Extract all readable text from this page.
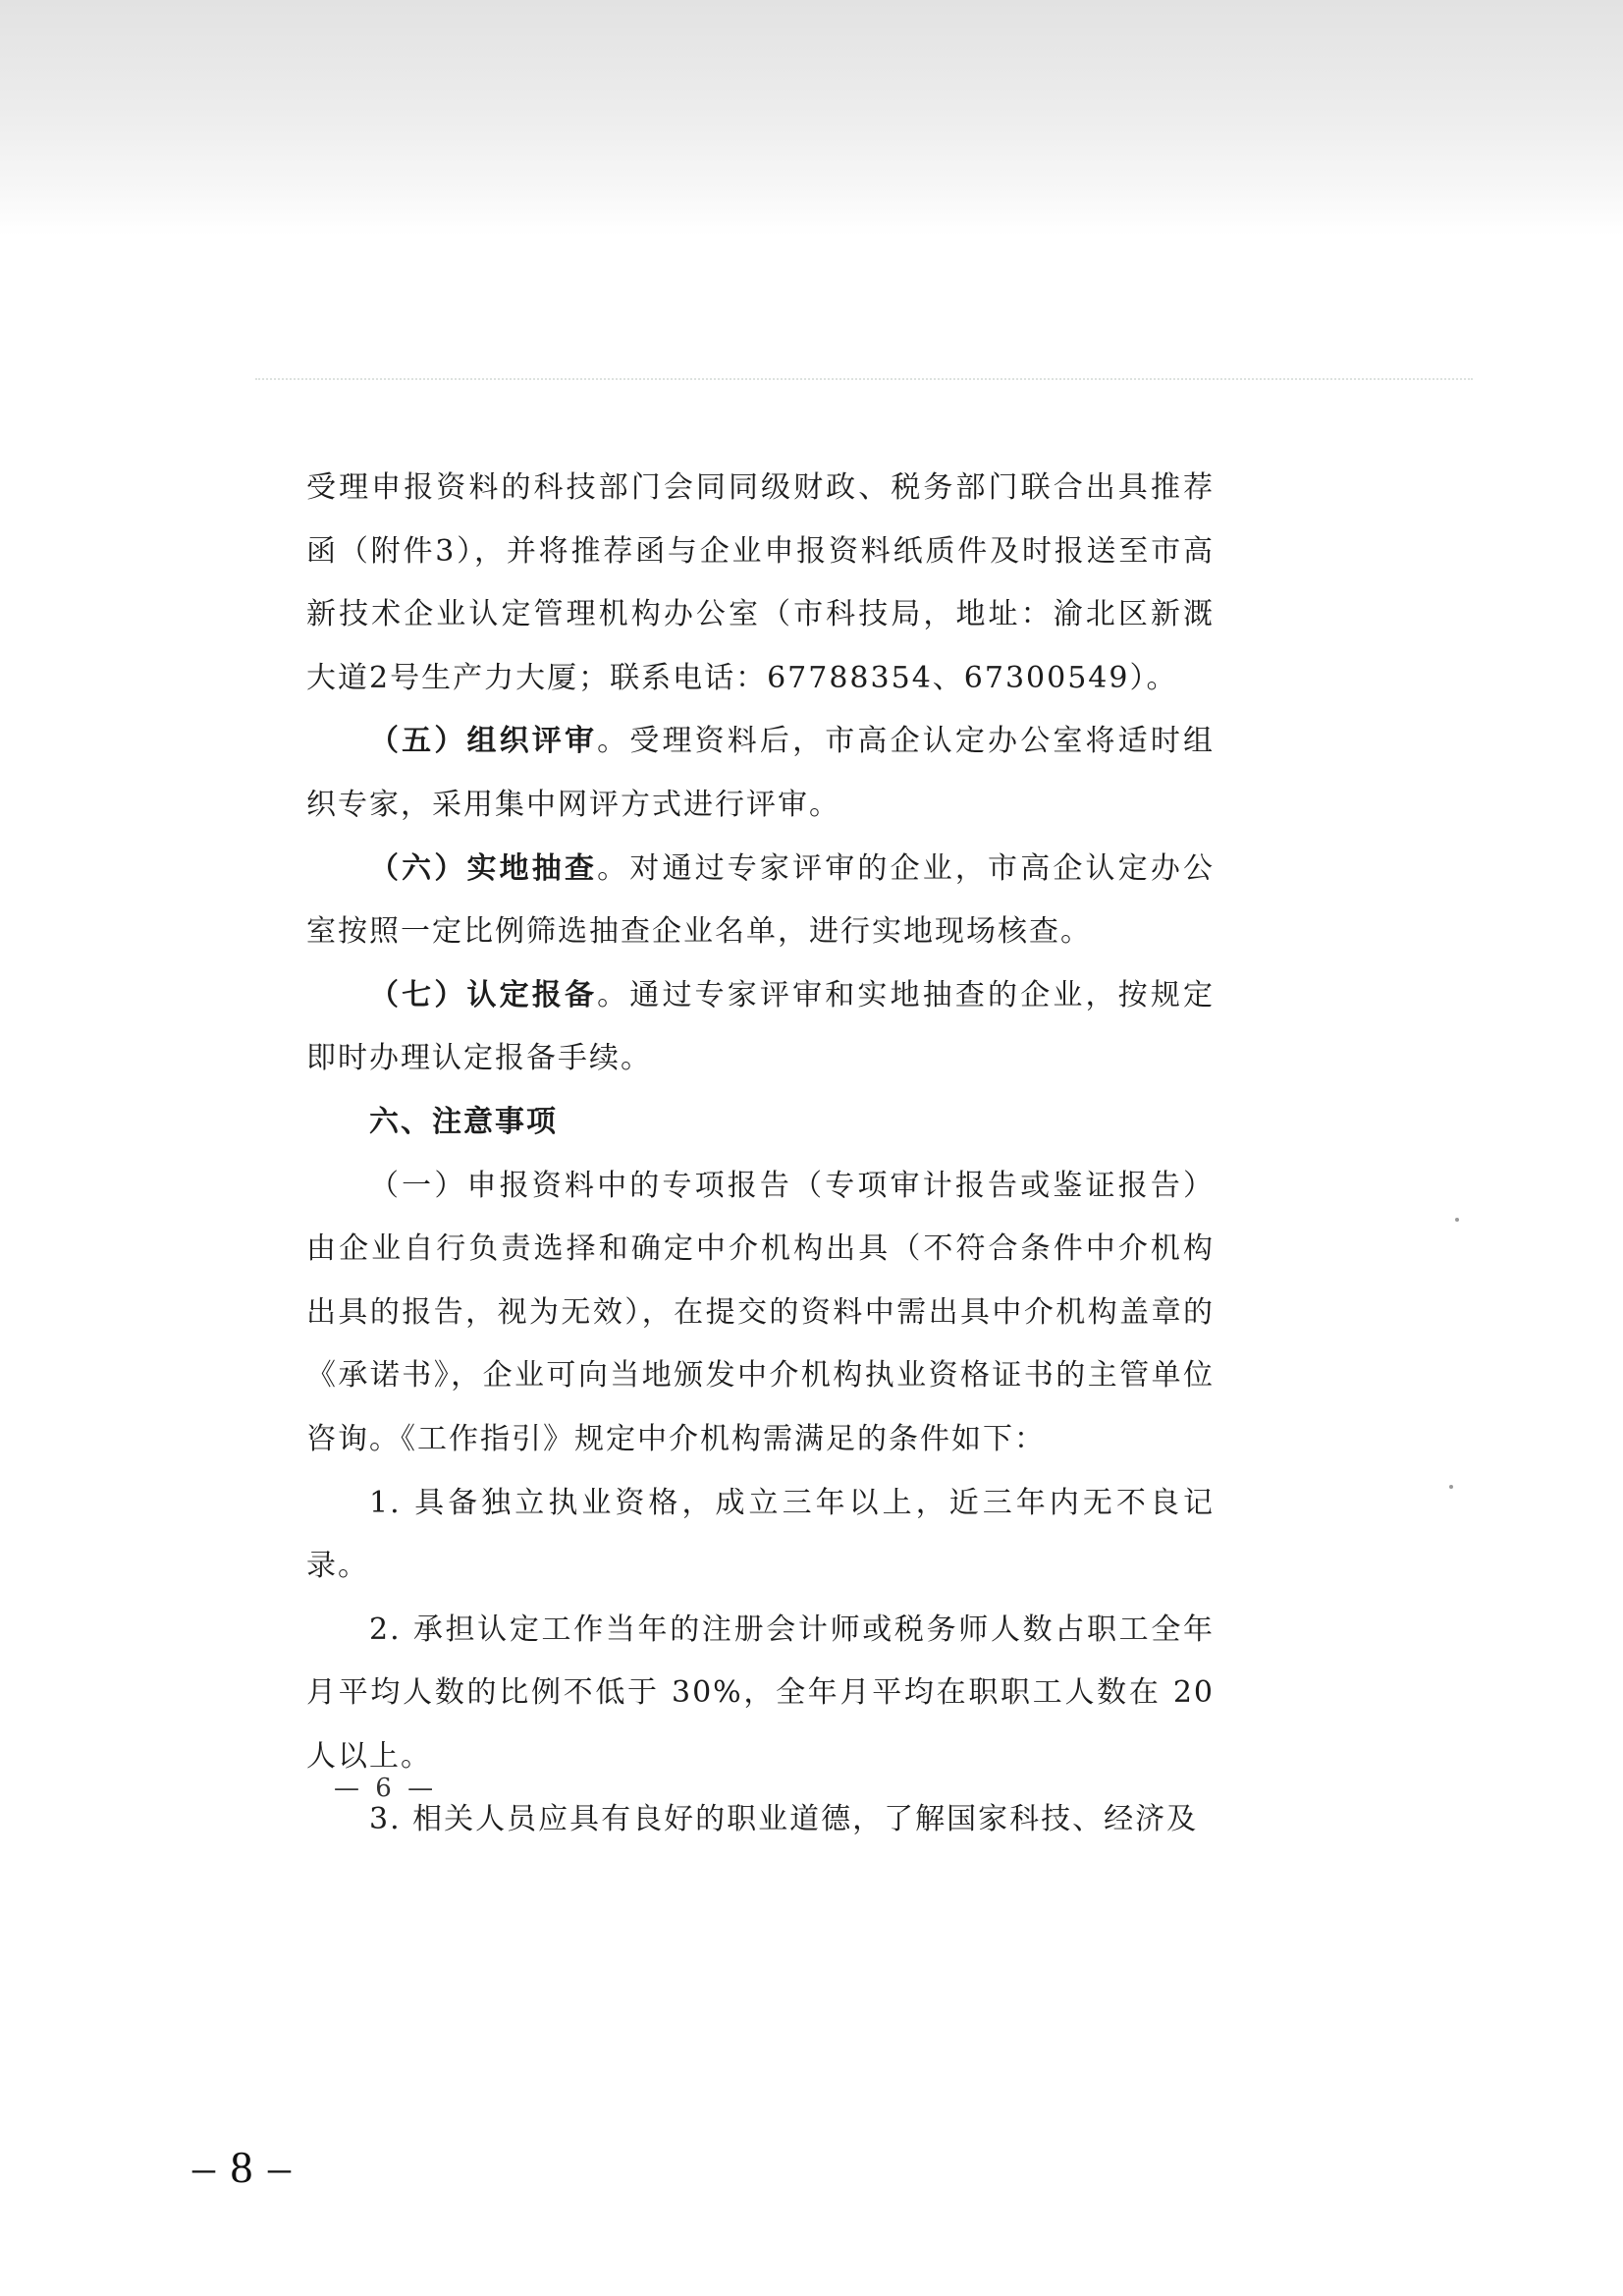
受理申报资料的科技部门会同同级财政、税务部门联合出具推荐函（附件3），并将推荐函与企业申报资料纸质件及时报送至市高新技术企业认定管理机构办公室（市科技局，地址：渝北区新溉大道2号生产力大厦；联系电话：67788354、67300549）。

（五）组织评审。受理资料后，市高企认定办公室将适时组织专家，采用集中网评方式进行评审。

（六）实地抽查。对通过专家评审的企业，市高企认定办公室按照一定比例筛选抽查企业名单，进行实地现场核查。

（七）认定报备。通过专家评审和实地抽查的企业，按规定即时办理认定报备手续。

六、注意事项

（一）申报资料中的专项报告（专项审计报告或鉴证报告）由企业自行负责选择和确定中介机构出具（不符合条件中介机构出具的报告，视为无效），在提交的资料中需出具中介机构盖章的《承诺书》，企业可向当地颁发中介机构执业资格证书的主管单位咨询。《工作指引》规定中介机构需满足的条件如下：

1. 具备独立执业资格，成立三年以上，近三年内无不良记录。

2. 承担认定工作当年的注册会计师或税务师人数占职工全年月平均人数的比例不低于 30%，全年月平均在职职工人数在 20 人以上。

3. 相关人员应具有良好的职业道德，了解国家科技、经济及

— 6 —
– 8 –
